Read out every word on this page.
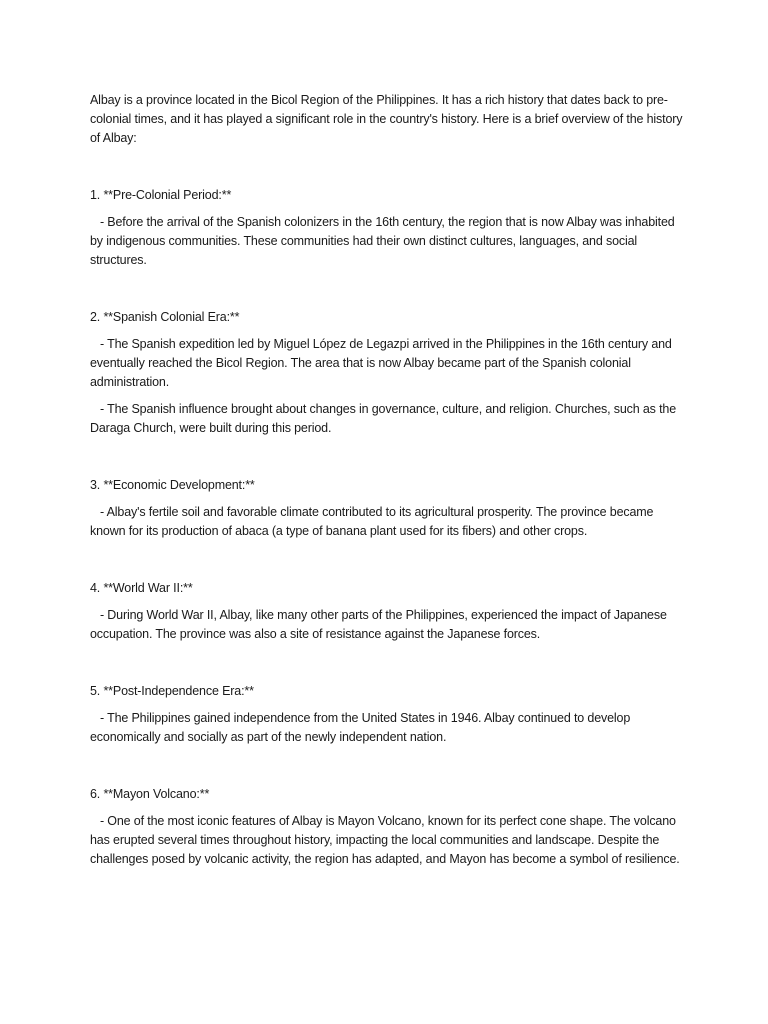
Albay is a province located in the Bicol Region of the Philippines. It has a rich history that dates back to pre-colonial times, and it has played a significant role in the country's history. Here is a brief overview of the history of Albay:

1. **Pre-Colonial Period:**

- Before the arrival of the Spanish colonizers in the 16th century, the region that is now Albay was inhabited by indigenous communities. These communities had their own distinct cultures, languages, and social structures.

2. **Spanish Colonial Era:**

- The Spanish expedition led by Miguel López de Legazpi arrived in the Philippines in the 16th century and eventually reached the Bicol Region. The area that is now Albay became part of the Spanish colonial administration.

- The Spanish influence brought about changes in governance, culture, and religion. Churches, such as the Daraga Church, were built during this period.

3. **Economic Development:**

- Albay's fertile soil and favorable climate contributed to its agricultural prosperity. The province became known for its production of abaca (a type of banana plant used for its fibers) and other crops.

4. **World War II:**

- During World War II, Albay, like many other parts of the Philippines, experienced the impact of Japanese occupation. The province was also a site of resistance against the Japanese forces.

5. **Post-Independence Era:**

- The Philippines gained independence from the United States in 1946. Albay continued to develop economically and socially as part of the newly independent nation.

6. **Mayon Volcano:**

- One of the most iconic features of Albay is Mayon Volcano, known for its perfect cone shape. The volcano has erupted several times throughout history, impacting the local communities and landscape. Despite the challenges posed by volcanic activity, the region has adapted, and Mayon has become a symbol of resilience.
